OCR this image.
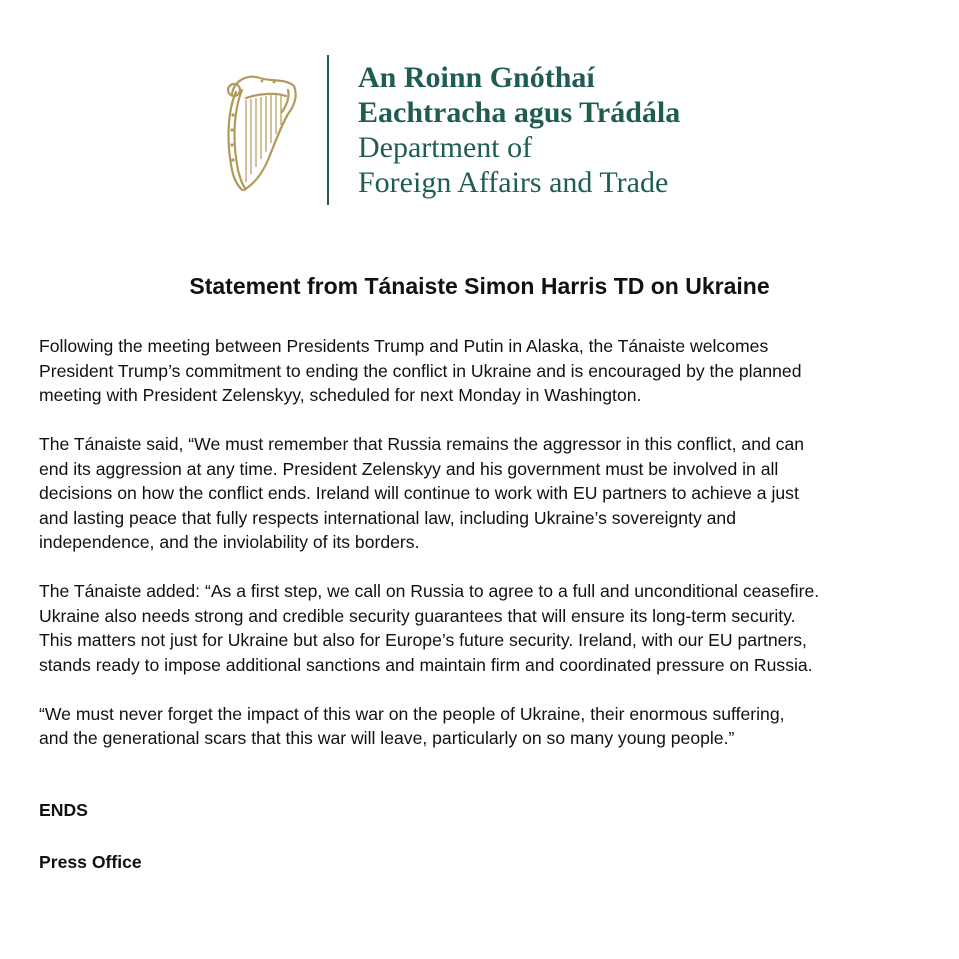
An Roinn Gnóthaí
Eachtracha agus Trádála
Department of
Foreign Affairs and Trade
Statement from Tánaiste Simon Harris TD on Ukraine

Following the meeting between Presidents Trump and Putin in Alaska, the Tánaiste welcomes
President Trump’s commitment to ending the conflict in Ukraine and is encouraged by the planned
meeting with President Zelenskyy, scheduled for next Monday in Washington.

The Tánaiste said, “We must remember that Russia remains the aggressor in this conflict, and can
end its aggression at any time. President Zelenskyy and his government must be involved in all
decisions on how the conflict ends. Ireland will continue to work with EU partners to achieve a just
and lasting peace that fully respects international law, including Ukraine’s sovereignty and
independence, and the inviolability of its borders.

The Tánaiste added: “As a first step, we call on Russia to agree to a full and unconditional ceasefire.
Ukraine also needs strong and credible security guarantees that will ensure its long-term security.
This matters not just for Ukraine but also for Europe’s future security. Ireland, with our EU partners,
stands ready to impose additional sanctions and maintain firm and coordinated pressure on Russia.

“We must never forget the impact of this war on the people of Ukraine, their enormous suffering,
and the generational scars that this war will leave, particularly on so many young people.”

ENDS
Press Office
